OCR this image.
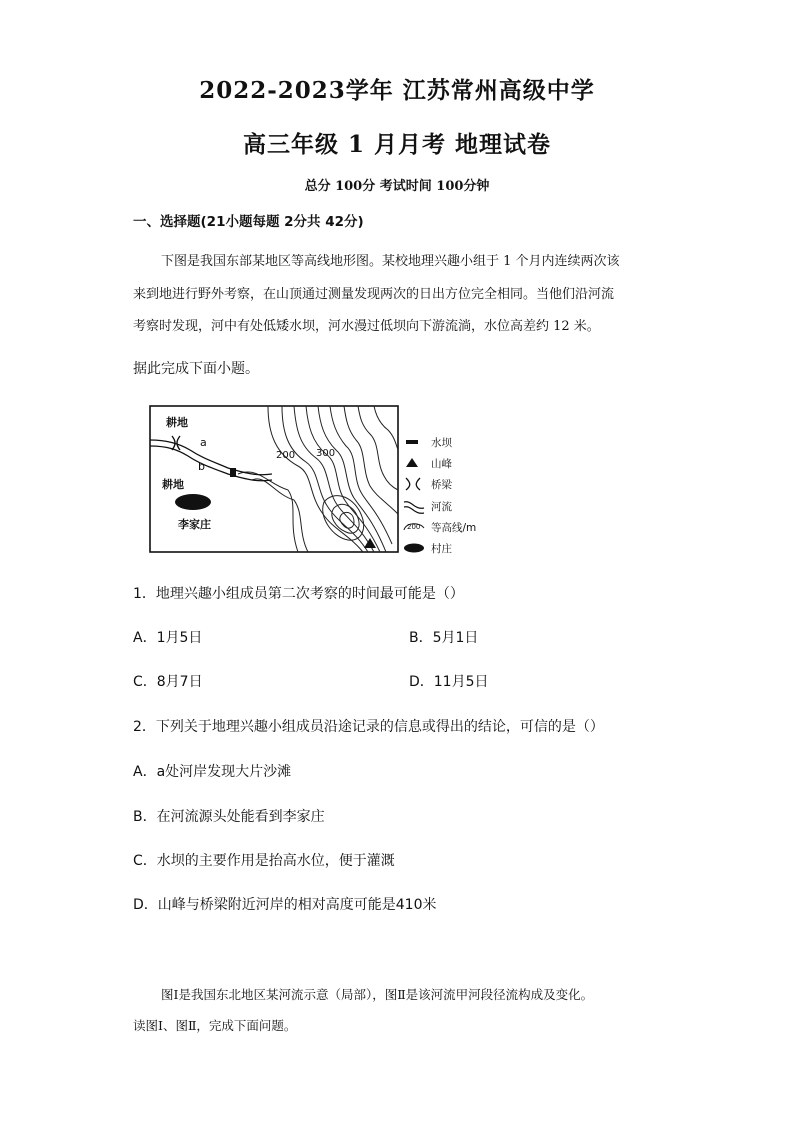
2022-2023学年 江苏常州高级中学
高三年级 1 月月考 地理试卷
总分 100分 考试时间 100分钟
一、选择题(21小题每题 2分共 42分)
下图是我国东部某地区等高线地形图。某校地理兴趣小组于 1 个月内连续两次该
来到地进行野外考察，在山顶通过测量发现两次的日出方位完全相同。当他们沿河流
考察时发现，河中有处低矮水坝，河水漫过低坝向下游流淌，水位高差约 12 米。
据此完成下面小题。
耕地
耕地
李家庄
a
b
200 300
水坝
山峰
桥梁
河流
200 等高线/m
村庄
1．地理兴趣小组成员第二次考察的时间最可能是（）
A．1月5日	B．5月1日
C．8月7日	D．11月5日
2．下列关于地理兴趣小组成员沿途记录的信息或得出的结论，可信的是（）
A．a处河岸发现大片沙滩
B．在河流源头处能看到李家庄
C．水坝的主要作用是抬高水位，便于灌溉
D．山峰与桥梁附近河岸的相对高度可能是410米
图Ⅰ是我国东北地区某河流示意（局部），图Ⅱ是该河流甲河段径流构成及变化。
读图Ⅰ、图Ⅱ，完成下面问题。
